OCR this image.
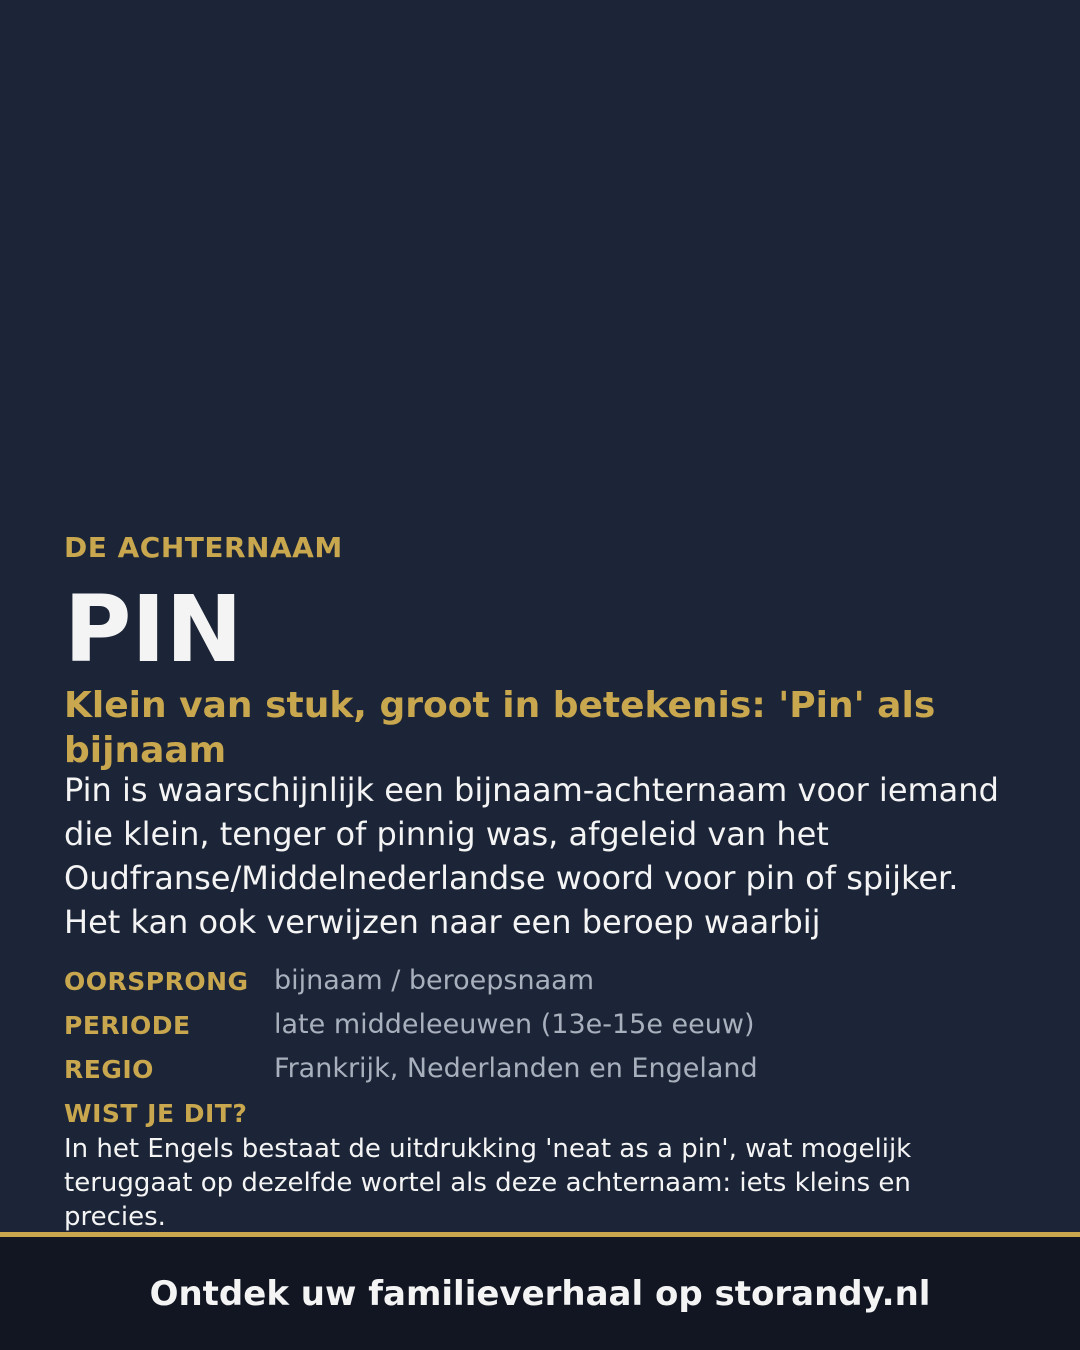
DE ACHTERNAAM
PIN
Klein van stuk, groot in betekenis: 'Pin' als bijnaam
Pin is waarschijnlijk een bijnaam-achternaam voor iemand die klein, tenger of pinnig was, afgeleid van het Oudfranse/Middelnederlandse woord voor pin of spijker. Het kan ook verwijzen naar een beroep waarbij
OORSPRONG bijnaam / beroepsnaam
PERIODE	late middeleeuwen (13e-15e eeuw)
REGIO	Frankrijk, Nederlanden en Engeland
WIST JE DIT?
In het Engels bestaat de uitdrukking 'neat as a pin', wat mogelijk teruggaat op dezelfde wortel als deze achternaam: iets kleins en precies.
Ontdek uw familieverhaal op storandy.nl
